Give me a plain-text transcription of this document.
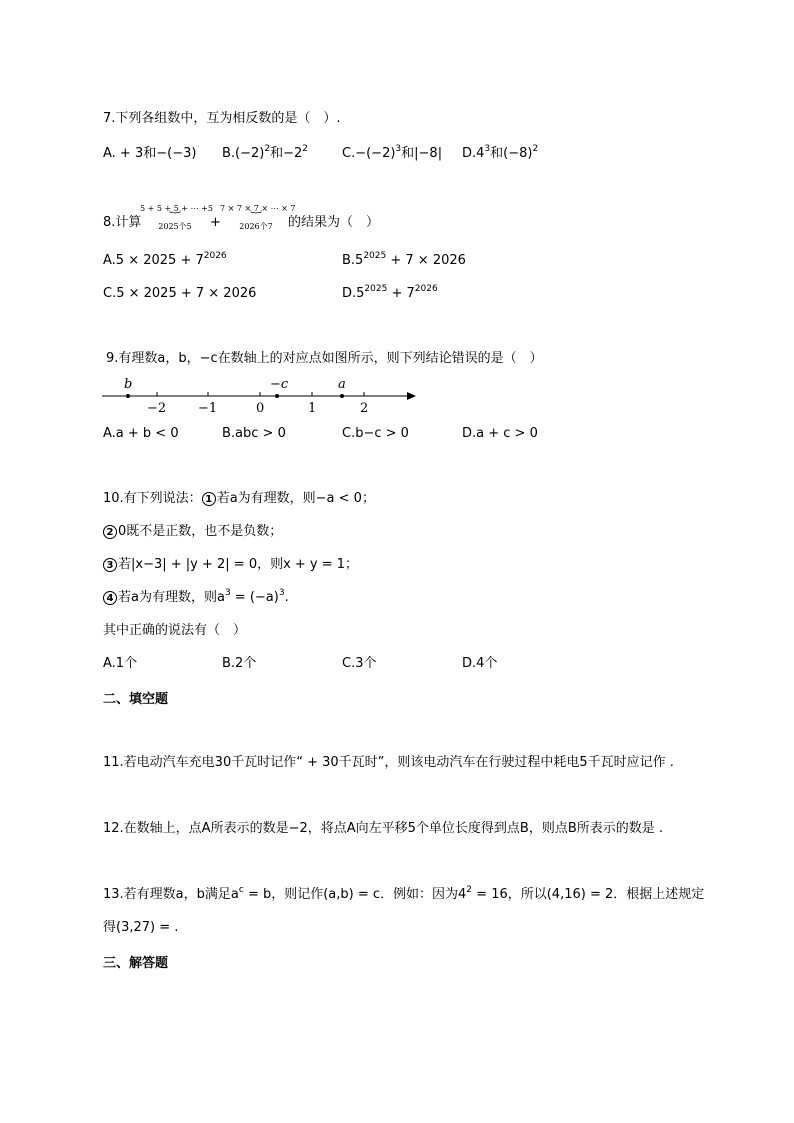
7.下列各组数中，互为相反数的是（　）.
A. + 3和−(−3) $B.(-2)^2$和$-2^2$	$C.-(-2)^3$和|−8| $D.4^3$和$(-8)^2$
8.计算
5 + 5 + 5 + ⋯ +5
︸
2025个5	+
7 × 7 × 7 × ⋯ × 7
︸
2026个7	的结果为（　）
$A.5 \times 2025 + 7^{2026}$	$B.5^{2025} + 7 \times 2026$
C.5 × 2025 + 7 × 2026	$D.5^{2025} + 7^{2026}$
9.有理数a，b，−c在数轴上的对应点如图所示，则下列结论错误的是（　）
−2 −1	0	1	2
b	−c	a
A.a + b < 0	B.abc > 0	C.b−c > 0	D.a + c > 0
10.有下列说法： 1 若a为有理数，则−a < 0；
2 0既不是正数，也不是负数；
3 若|x−3| + |y + 2| = 0，则x + y = 1；
4 若a为有理数，则$a^3 = (-a)^3$.
其中正确的说法有（　）
A.1个	B.2个	C.3个	D.4个
二、填空题
11.若电动汽车充电30千瓦时记作“ + 30千瓦时”，则该电动汽车在行驶过程中耗电5千瓦时应记作 .
12.在数轴上，点A所表示的数是−2，将点A向左平移5个单位长度得到点B，则点B所表示的数是 .
13.若有理数a，b满足$a^c = b$，则记作(a,b) = c．例如：因为$4^2 = 16$，所以(4,16) = 2．根据上述规定
得(3,27) = .
三、解答题
